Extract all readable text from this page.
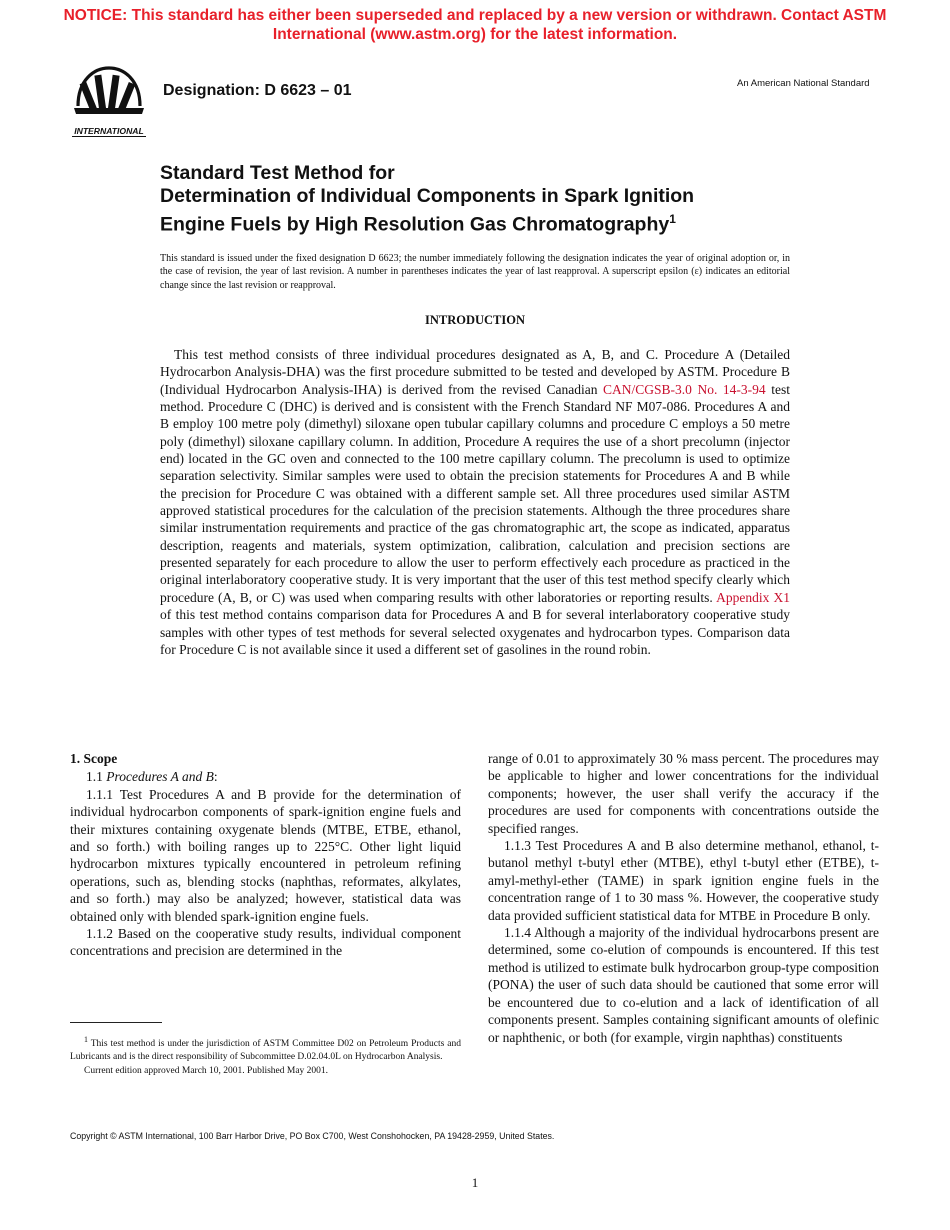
NOTICE: This standard has either been superseded and replaced by a new version or withdrawn. Contact ASTM
International (www.astm.org) for the latest information.
INTERNATIONAL
Designation: D 6623 – 01	An American National Standard
Standard Test Method for
Determination of Individual Components in Spark Ignition
Engine Fuels by High Resolution Gas Chromatography$^1$
This standard is issued under the fixed designation D 6623; the number immediately following the designation indicates the year of original adoption or, in the case of revision, the year of last revision. A number in parentheses indicates the year of last reapproval. A superscript epsilon (ε) indicates an editorial change since the last revision or reapproval.
INTRODUCTION

This test method consists of three individual procedures designated as A, B, and C. Procedure A (Detailed Hydrocarbon Analysis-DHA) was the first procedure submitted to be tested and developed by ASTM. Procedure B (Individual Hydrocarbon Analysis-IHA) is derived from the revised Canadian CAN/CGSB-3.0 No. 14-3-94 test method. Procedure C (DHC) is derived and is consistent with the French Standard NF M07-086. Procedures A and B employ 100 metre poly (dimethyl) siloxane open tubular capillary columns and procedure C employs a 50 metre poly (dimethyl) siloxane capillary column. In addition, Procedure A requires the use of a short precolumn (injector end) located in the GC oven and connected to the 100 metre capillary column. The precolumn is used to optimize separation selectivity. Similar samples were used to obtain the precision statements for Procedures A and B while the precision for Procedure C was obtained with a different sample set. All three procedures used similar ASTM approved statistical procedures for the calculation of the precision statements. Although the three procedures share similar instrumentation requirements and practice of the gas chromatographic art, the scope as indicated, apparatus description, reagents and materials, system optimization, calibration, calculation and precision sections are presented separately for each procedure to allow the user to perform effectively each procedure as practiced in the original interlaboratory cooperative study. It is very important that the user of this test method specify clearly which procedure (A, B, or C) was used when comparing results with other laboratories or reporting results. Appendix X1 of this test method contains comparison data for Procedures A and B for several interlaboratory cooperative study samples with other types of test methods for several selected oxygenates and hydrocarbon types. Comparison data for Procedure C is not available since it used a different set of gasolines in the round robin.

1. Scope

1.1 Procedures A and B:

1.1.1 Test Procedures A and B provide for the determination of individual hydrocarbon components of spark-ignition engine fuels and their mixtures containing oxygenate blends (MTBE, ETBE, ethanol, and so forth.) with boiling ranges up to 225°C. Other light liquid hydrocarbon mixtures typically encountered in petroleum refining operations, such as, blending stocks (naphthas, reformates, alkylates, and so forth.) may also be analyzed; however, statistical data was obtained only with blended spark-ignition engine fuels.

1.1.2 Based on the cooperative study results, individual component concentrations and precision are determined in the

range of 0.01 to approximately 30 % mass percent. The procedures may be applicable to higher and lower concentrations for the individual components; however, the user shall verify the accuracy if the procedures are used for components with concentrations outside the specified ranges.

1.1.3 Test Procedures A and B also determine methanol, ethanol, t-butanol methyl t-butyl ether (MTBE), ethyl t-butyl ether (ETBE), t-amyl-methyl-ether (TAME) in spark ignition engine fuels in the concentration range of 1 to 30 mass %. However, the cooperative study data provided sufficient statistical data for MTBE in Procedure B only.

1.1.4 Although a majority of the individual hydrocarbons present are determined, some co-elution of compounds is encountered. If this test method is utilized to estimate bulk hydrocarbon group-type composition (PONA) the user of such data should be cautioned that some error will be encountered due to co-elution and a lack of identification of all components present. Samples containing significant amounts of olefinic or naphthenic, or both (for example, virgin naphthas) constituents

$^1$ This test method is under the jurisdiction of ASTM Committee D02 on Petroleum Products and Lubricants and is the direct responsibility of Subcommittee D.02.04.0L on Hydrocarbon Analysis.

Current edition approved March 10, 2001. Published May 2001.

Copyright © ASTM International, 100 Barr Harbor Drive, PO Box C700, West Conshohocken, PA 19428-2959, United States.
1
